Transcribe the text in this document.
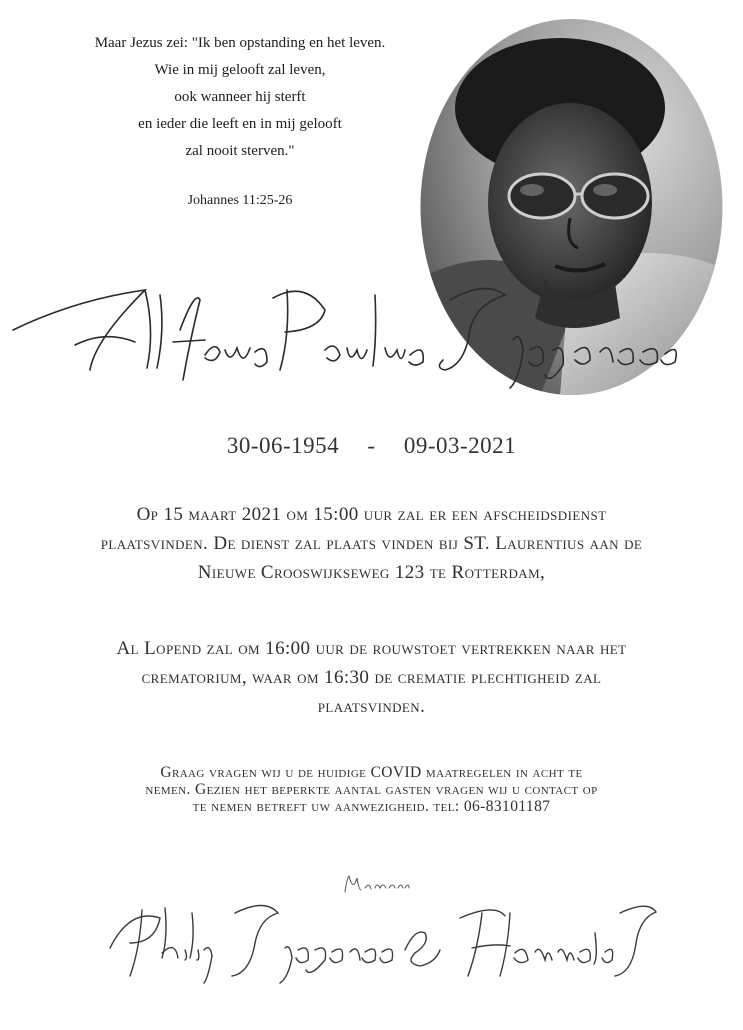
Maar Jezus zei: "Ik ben opstanding en het leven.
Wie in mij gelooft zal leven,
ook wanneer hij sterft
en ieder die leeft en in mij gelooft
zal nooit sterven."
Johannes 11:25-26
30-06-1954 - 09-03-2021
Op 15 maart 2021 om 15:00 uur zal er een afscheidsdienst plaatsvinden. De dienst zal plaats vinden bij ST. Laurentius aan de Nieuwe Crooswijkseweg 123 te Rotterdam,
Al Lopend zal om 16:00 uur de rouwstoet vertrekken naar het crematorium, waar om 16:30 de crematie plechtigheid zal plaatsvinden.
Graag vragen wij u de huidige COVID maatregelen in acht te nemen. Gezien het beperkte aantal gasten vragen wij u contact op te nemen betreft uw aanwezigheid. tel: 06-83101187
